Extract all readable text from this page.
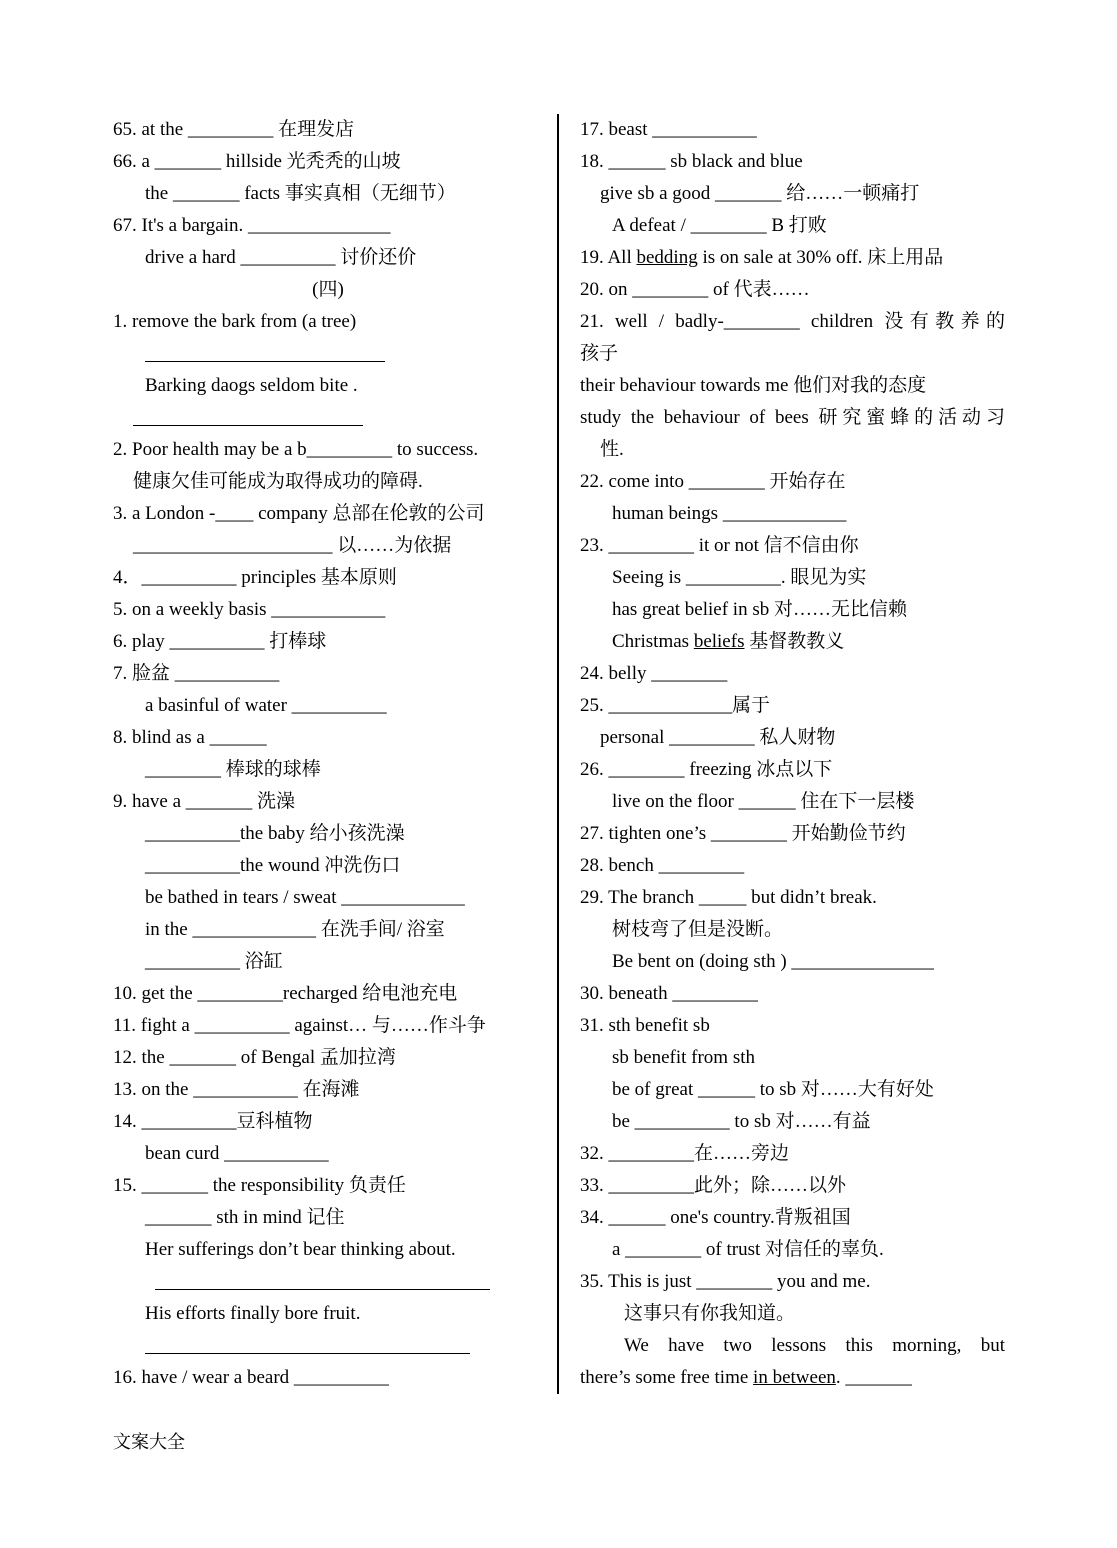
65. at the _________ 在理发店
66. a _______ hillside 光秃秃的山坡
the _______ facts 事实真相（无细节）
67. It's a bargain. _______________
drive a hard __________ 讨价还价
(四)
1. remove the bark from (a tree)
Barking daogs seldom bite .
2. Poor health may be a b_________ to success.
健康欠佳可能成为取得成功的障碍.
3. a London -____ company 总部在伦敦的公司
_____________________ 以……为依据
4．__________ principles 基本原则
5. on a weekly basis ____________
6. play __________ 打棒球
7. 脸盆 ___________
a basinful of water __________
8. blind as a ______
________ 棒球的球棒
9. have a _______ 洗澡
__________the baby 给小孩洗澡
__________the wound 冲洗伤口
be bathed in tears / sweat _____________
in the _____________ 在洗手间/ 浴室
__________ 浴缸
10. get the _________recharged 给电池充电
11. fight a __________ against… 与……作斗争
12. the _______ of Bengal 孟加拉湾
13. on the ___________ 在海滩
14. __________豆科植物
bean curd ___________
15. _______ the responsibility 负责任
_______ sth in mind 记住
Her sufferings don’t bear thinking about.
His efforts finally bore fruit.
16. have / wear a beard __________
17. beast ___________
18. ______ sb black and blue
give sb a good _______ 给……一顿痛打
A defeat / ________ B 打败
19. All bedding is on sale at 30% off. 床上用品
20. on ________ of 代表……
21. well / badly-________ children 没有教养的
孩子
their behaviour towards me 他们对我的态度
study the behaviour of bees 研究蜜蜂的活动习
性.
22. come into ________ 开始存在
human beings _____________
23. _________ it or not 信不信由你
Seeing is __________. 眼见为实
has great belief in sb 对……无比信赖
Christmas beliefs 基督教教义
24. belly ________
25. _____________属于
personal _________ 私人财物
26. ________ freezing 冰点以下
live on the floor ______ 住在下一层楼
27. tighten one’s ________ 开始勤俭节约
28. bench _________
29. The branch _____ but didn’t break.
树枝弯了但是没断。
Be bent on (doing sth ) _______________
30. beneath _________
31. sth benefit sb
sb benefit from sth
be of great ______ to sb 对……大有好处
be __________ to sb 对……有益
32. _________在……旁边
33. _________此外；除……以外
34. ______ one's country.背叛祖国
a ________ of trust 对信任的辜负.
35. This is just ________ you and me.
这事只有你我知道。
We have two lessons this morning, but
there’s some free time in between. _______
文案大全
